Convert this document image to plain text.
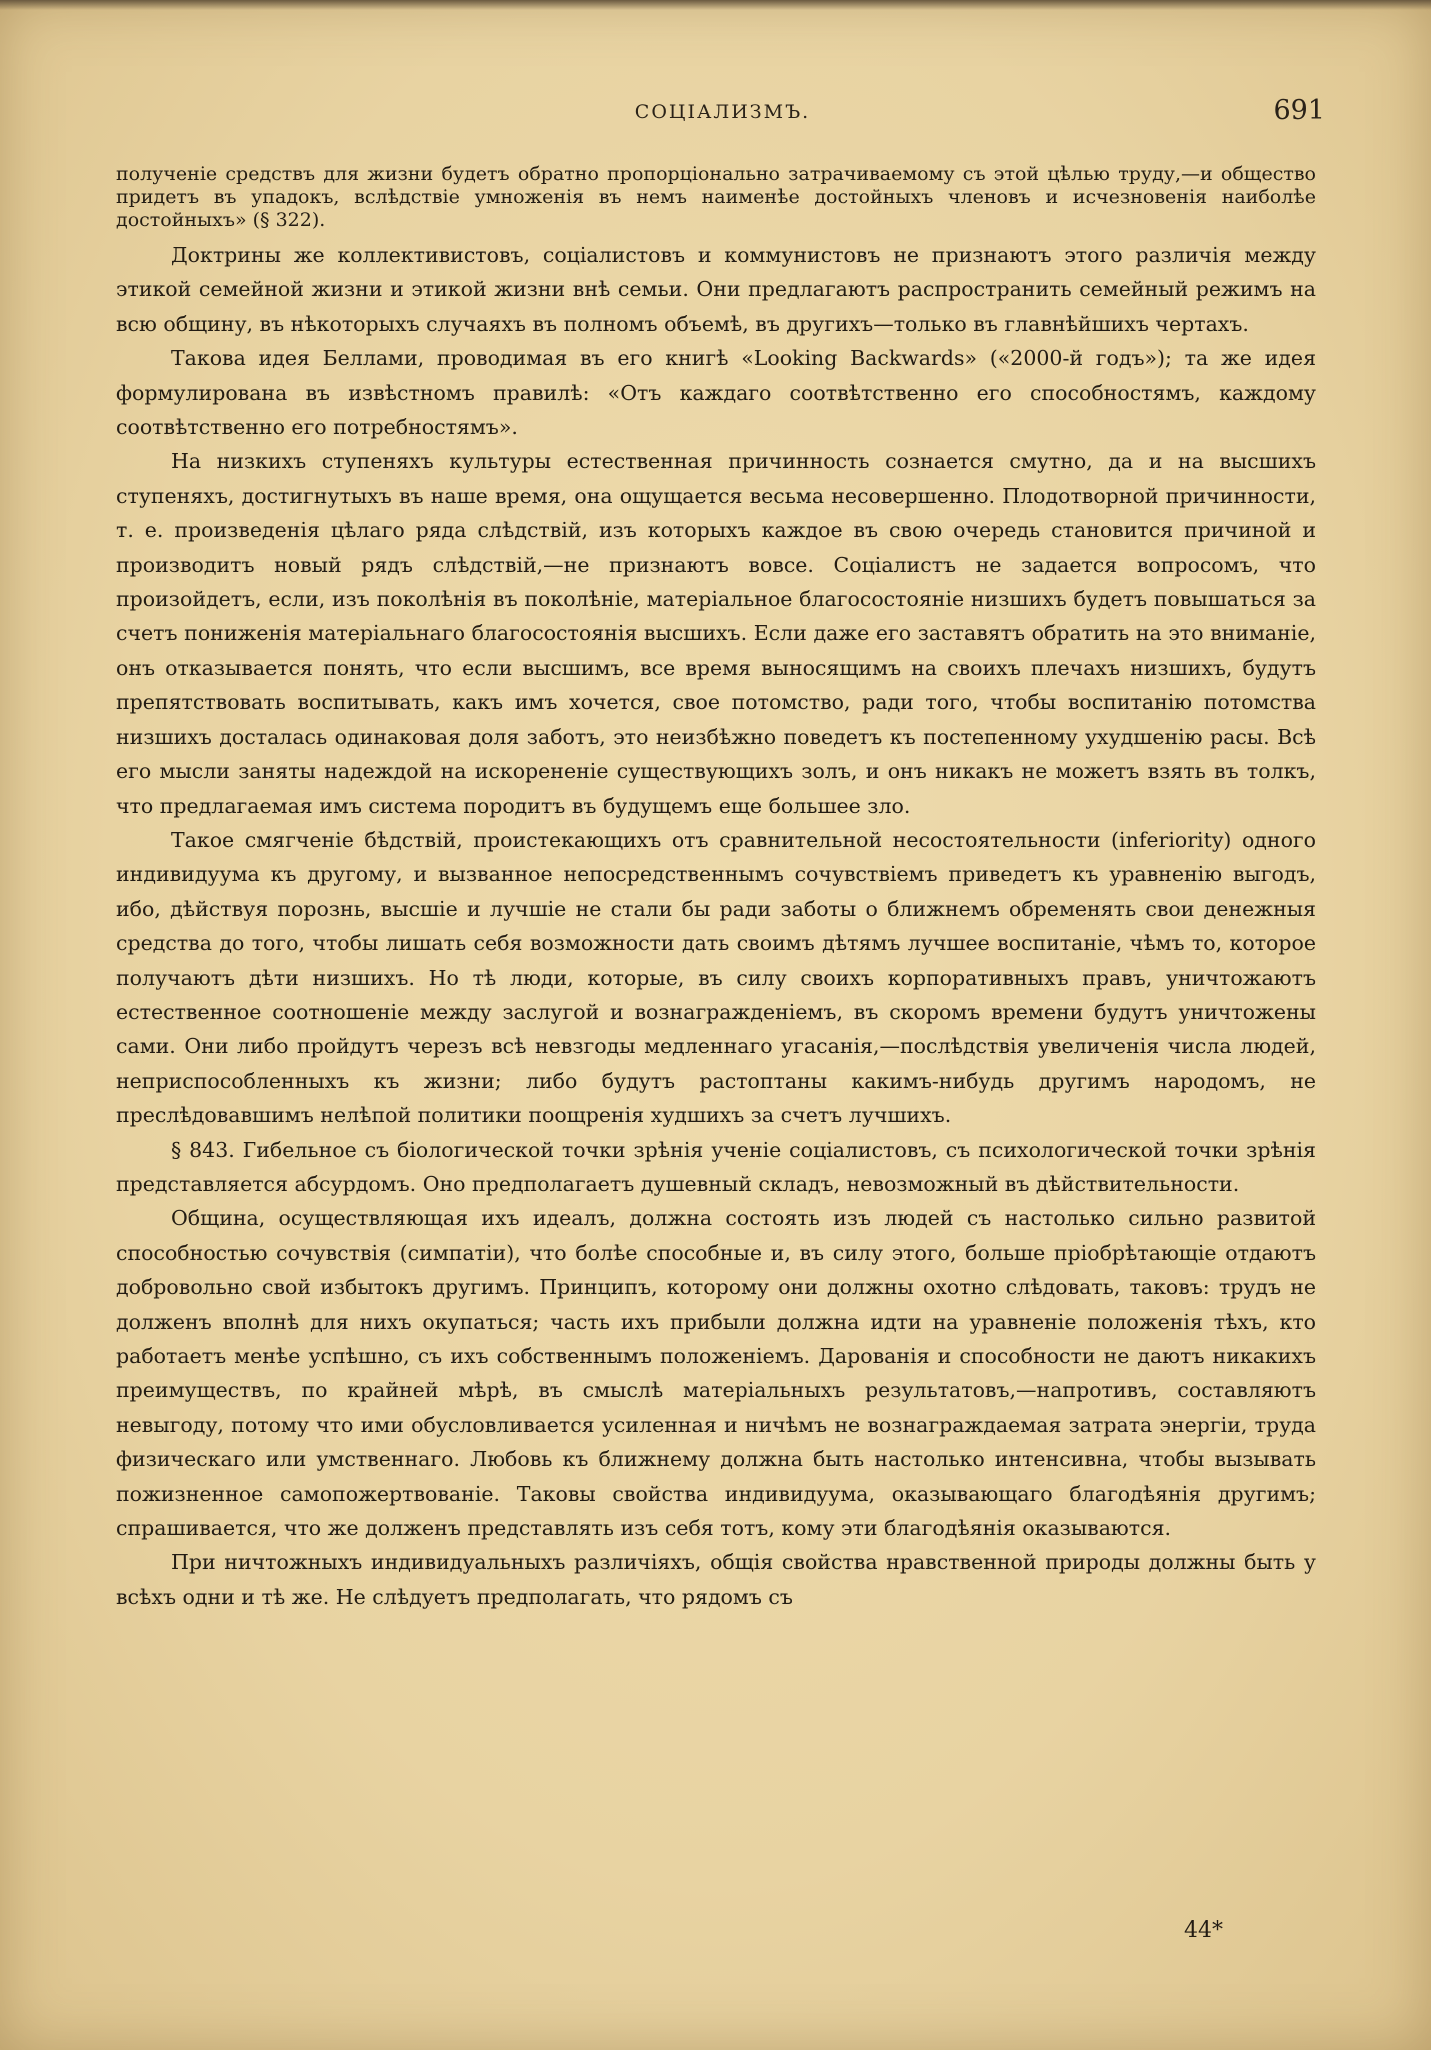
СОЦІАЛИЗМЪ.	691

полученіе средствъ для жизни будетъ обратно пропорціонально затрачиваемому съ этой цѣлью труду,—и общество придетъ въ упадокъ, вслѣдствіе умноженія въ немъ наименѣе достойныхъ членовъ и исчезновенія наиболѣе достойныхъ» (§ 322).

Доктрины же коллективистовъ, соціалистовъ и коммунистовъ не признаютъ этого различія между этикой семейной жизни и этикой жизни внѣ семьи. Они предлагаютъ распространить семейный режимъ на всю общину, въ нѣкоторыхъ случаяхъ въ полномъ объемѣ, въ другихъ—только въ главнѣйшихъ чертахъ.

Такова идея Беллами, проводимая въ его книгѣ «Looking Backwards» («2000-й годъ»); та же идея формулирована въ извѣстномъ правилѣ: «Отъ каждаго соотвѣтственно его способностямъ, каждому соотвѣтственно его потребностямъ».

На низкихъ ступеняхъ культуры естественная причинность сознается смутно, да и на высшихъ ступеняхъ, достигнутыхъ въ наше время, она ощущается весьма несовершенно. Плодотворной причинности, т. е. произведенія цѣлаго ряда слѣдствій, изъ которыхъ каждое въ свою очередь становится причиной и производитъ новый рядъ слѣдствій,—не признаютъ вовсе. Соціалистъ не задается вопросомъ, что произойдетъ, если, изъ поколѣнія въ поколѣніе, матеріальное благосостояніе низшихъ будетъ повышаться за счетъ пониженія матеріальнаго благосостоянія высшихъ. Если даже его заставятъ обратить на это вниманіе, онъ отказывается понять, что если высшимъ, все время выносящимъ на своихъ плечахъ низшихъ, будутъ препятствовать воспитывать, какъ имъ хочется, свое потомство, ради того, чтобы воспитанію потомства низшихъ досталась одинаковая доля заботъ, это неизбѣжно поведетъ къ постепенному ухудшенію расы. Всѣ его мысли заняты надеждой на искорененіе существующихъ золъ, и онъ никакъ не можетъ взять въ толкъ, что предлагаемая имъ система породитъ въ будущемъ еще большее зло.

Такое смягченіе бѣдствій, проистекающихъ отъ сравнительной несостоятельности (inferiority) одного индивидуума къ другому, и вызванное непосредственнымъ сочувствіемъ приведетъ къ уравненію выгодъ, ибо, дѣйствуя порознь, высшіе и лучшіе не стали бы ради заботы о ближнемъ обременять свои денежныя средства до того, чтобы лишать себя возможности дать своимъ дѣтямъ лучшее воспитаніе, чѣмъ то, которое получаютъ дѣти низшихъ. Но тѣ люди, которые, въ силу своихъ корпоративныхъ правъ, уничтожаютъ естественное соотношеніе между заслугой и вознагражденіемъ, въ скоромъ времени будутъ уничтожены сами. Они либо пройдутъ черезъ всѣ невзгоды медленнаго угасанія,—послѣдствія увеличенія числа людей, неприспособленныхъ къ жизни; либо будутъ растоптаны какимъ-нибудь другимъ народомъ, не преслѣдовавшимъ нелѣпой политики поощренія худшихъ за счетъ лучшихъ.

§ 843. Гибельное съ біологической точки зрѣнія ученіе соціалистовъ, съ психологической точки зрѣнія представляется абсурдомъ. Оно предполагаетъ душевный складъ, невозможный въ дѣйствительности.

Община, осуществляющая ихъ идеалъ, должна состоять изъ людей съ настолько сильно развитой способностью сочувствія (симпатіи), что болѣе способные и, въ силу этого, больше пріобрѣтающіе отдаютъ добровольно свой избытокъ другимъ. Принципъ, которому они должны охотно слѣдовать, таковъ: трудъ не долженъ вполнѣ для нихъ окупаться; часть ихъ прибыли должна идти на уравненіе положенія тѣхъ, кто работаетъ менѣе успѣшно, съ ихъ собственнымъ положеніемъ. Дарованія и способности не даютъ никакихъ преимуществъ, по крайней мѣрѣ, въ смыслѣ матеріальныхъ результатовъ,—напротивъ, составляютъ невыгоду, потому что ими обусловливается усиленная и ничѣмъ не вознаграждаемая затрата энергіи, труда физическаго или умственнаго. Любовь къ ближнему должна быть настолько интенсивна, чтобы вызывать пожизненное самопожертвованіе. Таковы свойства индивидуума, оказывающаго благодѣянія другимъ; спрашивается, что же долженъ представлять изъ себя тотъ, кому эти благодѣянія оказываются.

При ничтожныхъ индивидуальныхъ различіяхъ, общія свойства нравственной природы должны быть у всѣхъ одни и тѣ же. Не слѣдуетъ предполагать, что рядомъ съ

44*
